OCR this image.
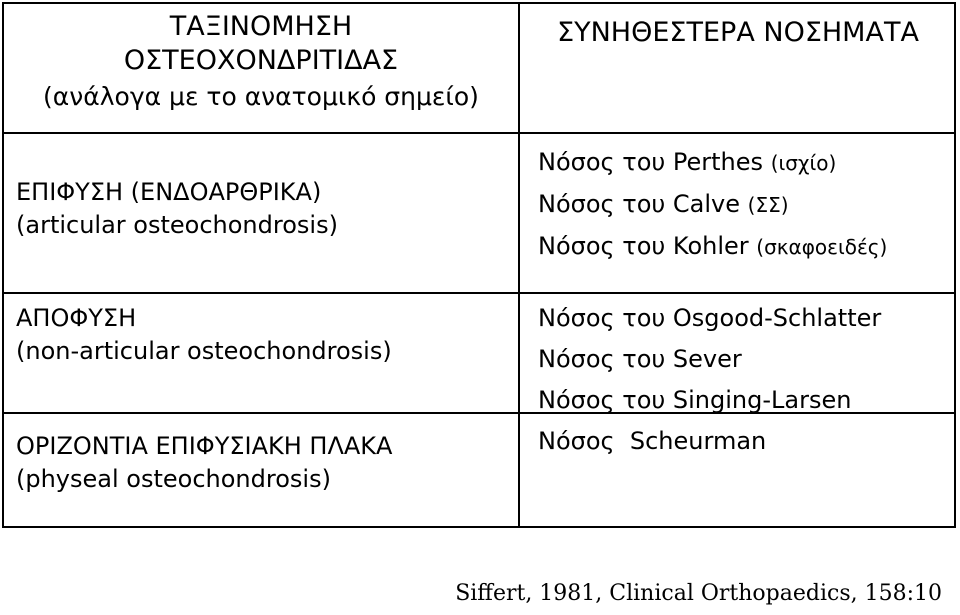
ΤΑΞΙΝΟΜΗΣΗ
ΟΣΤΕΟΧΟΝΔΡΙΤΙΔΑΣ
(ανάλογα με το ανατομικό σημείο)
ΕΠΙΦΥΣΗ (ΕΝΔΟΑΡΘΡΙΚΑ)
(articular osteochondrosis)
ΑΠΟΦΥΣΗ
(non-articular osteochondrosis)
ΟΡΙΖΟΝΤΙΑ ΕΠΙΦΥΣΙΑΚΗ ΠΛΑΚΑ
(physeal osteochondrosis)
ΣΥΝΗΘΕΣΤΕΡΑ ΝΟΣΗΜΑΤΑ
Νόσος του Perthes (ισχίο)
Νόσος του Calve (ΣΣ)
Νόσος του Kohler (σκαφοειδές)
Νόσος του Osgood-Schlatter
Νόσος του Sever
Νόσος του Singing-Larsen
Νόσος  Scheurman
Siffert, 1981, Clinical Orthopaedics, 158:10
